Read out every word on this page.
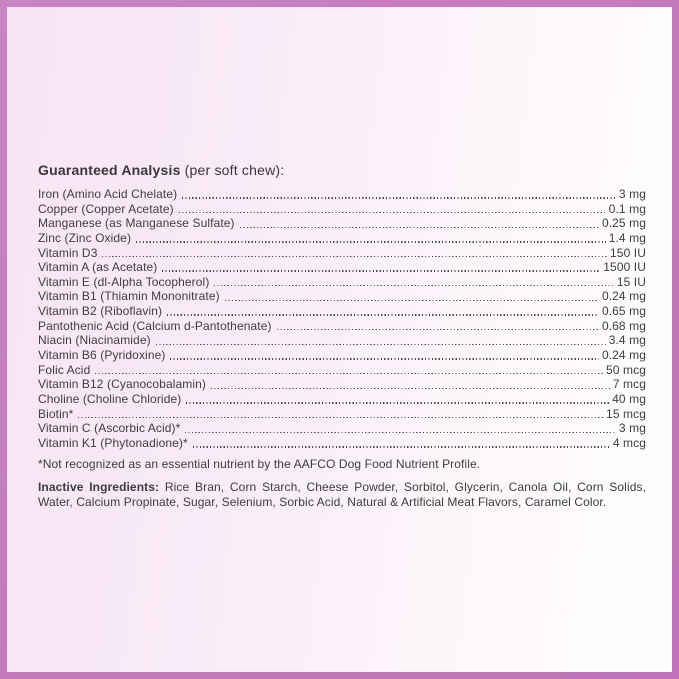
Guaranteed Analysis (per soft chew):
Iron (Amino Acid Chelate)	3 mg
Copper (Copper Acetate)	0.1 mg
Manganese (as Manganese Sulfate)	0.25 mg
Zinc (Zinc Oxide)	1.4 mg
Vitamin D3	150 IU
Vitamin A (as Acetate)	1500 IU
Vitamin E (dl-Alpha Tocopherol)	15 IU
Vitamin B1 (Thiamin Mononitrate)	0.24 mg
Vitamin B2 (Riboflavin)	0.65 mg
Pantothenic Acid (Calcium d-Pantothenate)	0.68 mg
Niacin (Niacinamide)	3.4 mg
Vitamin B6 (Pyridoxine)	0.24 mg
Folic Acid	50 mcg
Vitamin B12 (Cyanocobalamin)	7 mcg
Choline (Choline Chloride)	40 mg
Biotin*	15 mcg
Vitamin C (Ascorbic Acid)*	3 mg
Vitamin K1 (Phytonadione)*	4 mcg
*Not recognized as an essential nutrient by the AAFCO Dog Food Nutrient Profile.
Inactive Ingredients: Rice Bran, Corn Starch, Cheese Powder, Sorbitol, Glycerin, Canola Oil, Corn Solids,
Water, Calcium Propinate, Sugar, Selenium, Sorbic Acid, Natural & Artificial Meat Flavors, Caramel Color.
